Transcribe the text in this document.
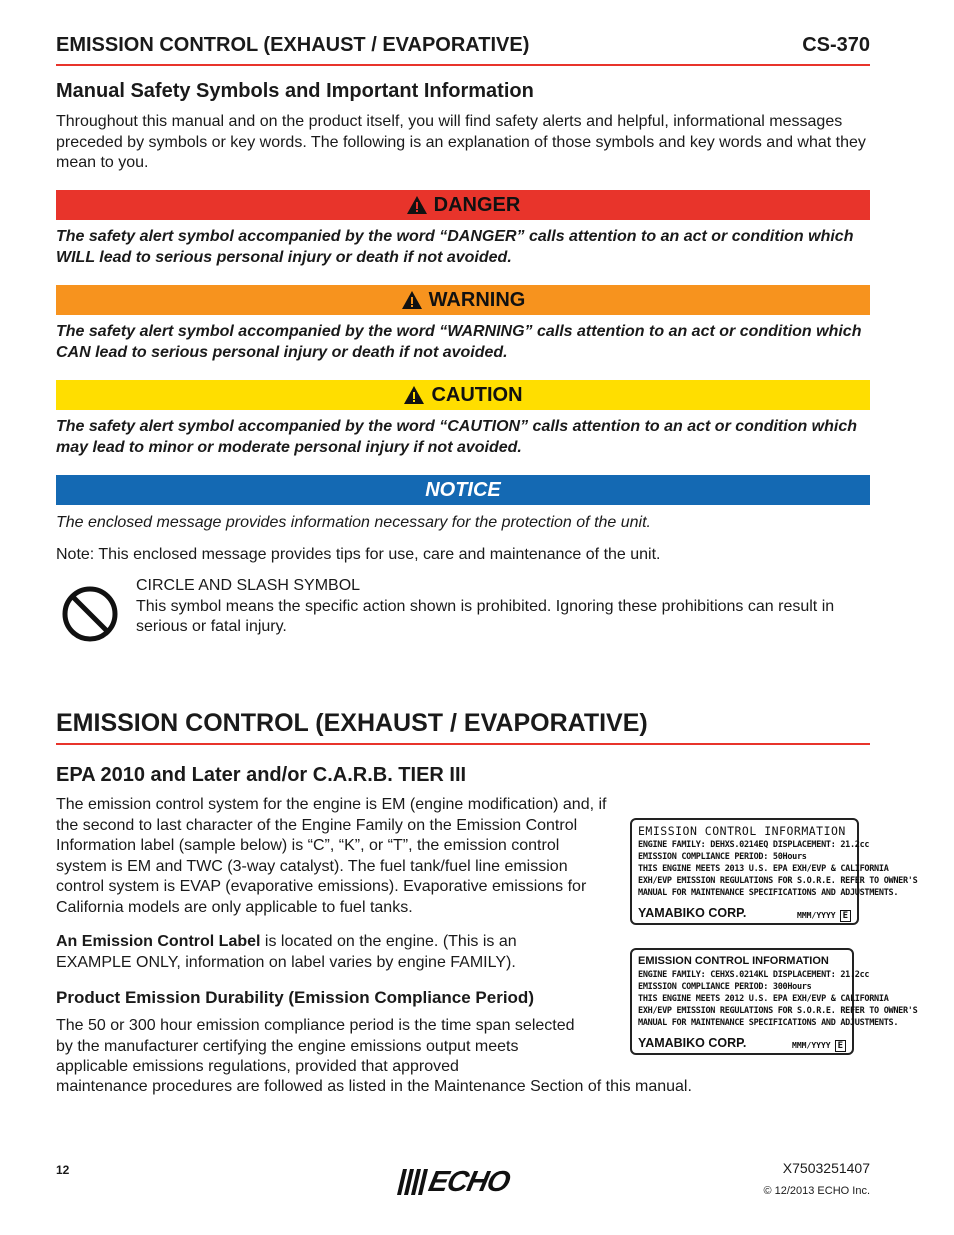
EMISSION CONTROL (EXHAUST / EVAPORATIVE)	CS-370
Manual Safety Symbols and Important Information
Throughout this manual and on the product itself, you will find safety alerts and helpful, informational messages preceded by symbols or key words. The following is an explanation of those symbols and key words and what they mean to you.
DANGER
The safety alert symbol accompanied by the word “DANGER” calls attention to an act or condition which WILL lead to serious personal injury or death if not avoided.
WARNING
The safety alert symbol accompanied by the word “WARNING” calls attention to an act or condition which CAN lead to serious personal injury or death if not avoided.
CAUTION
The safety alert symbol accompanied by the word “CAUTION” calls attention to an act or condition which may lead to minor or moderate personal injury if not avoided.
NOTICE
The enclosed message provides information necessary for the protection of the unit.
Note: This enclosed message provides tips for use, care and maintenance of the unit.
CIRCLE AND SLASH SYMBOL
This symbol means the specific action shown is prohibited. Ignoring these prohibitions can result in serious or fatal injury.
EMISSION CONTROL (EXHAUST / EVAPORATIVE)
EPA 2010 and Later and/or C.A.R.B. TIER III
The emission control system for the engine is EM (engine modification) and, if the second to last character of the Engine Family on the Emission Control Information label (sample below) is “C”, “K”, or “T”, the emission control system is EM and TWC (3-way catalyst). The fuel tank/fuel line emission control system is EVAP (evaporative emissions). Evaporative emissions for California models are only applicable to fuel tanks.
An Emission Control Label is located on the engine. (This is an EXAMPLE ONLY, information on label varies by engine FAMILY).
Product Emission Durability (Emission Compliance Period)
The 50 or 300 hour emission compliance period is the time span selected by the manufacturer certifying the engine emissions output meets applicable emissions regulations, provided that approved
maintenance procedures are followed as listed in the Maintenance Section of this manual.
EMISSION CONTROL INFORMATION
ENGINE FAMILY: DEHXS.0214EQ DISPLACEMENT: 21.2cc
EMISSION COMPLIANCE PERIOD: 50Hours
THIS ENGINE MEETS 2013 U.S. EPA EXH/EVP & CALIFORNIA
EXH/EVP EMISSION REGULATIONS FOR S.O.R.E. REFER TO OWNER'S
MANUAL FOR MAINTENANCE SPECIFICATIONS AND ADJUSTMENTS.
YAMABIKO CORP.	MMM/YYYY E
EMISSION CONTROL INFORMATION
ENGINE FAMILY: CEHXS.0214KL DISPLACEMENT: 21.2cc
EMISSION COMPLIANCE PERIOD: 300Hours
THIS ENGINE MEETS 2012 U.S. EPA EXH/EVP & CALIFORNIA
EXH/EVP EMISSION REGULATIONS FOR S.O.R.E. REFER TO OWNER'S
MANUAL FOR MAINTENANCE SPECIFICATIONS AND ADJUSTMENTS.
YAMABIKO CORP.	MMM/YYYY E
12	ECHO	X7503251407
© 12/2013 ECHO Inc.
